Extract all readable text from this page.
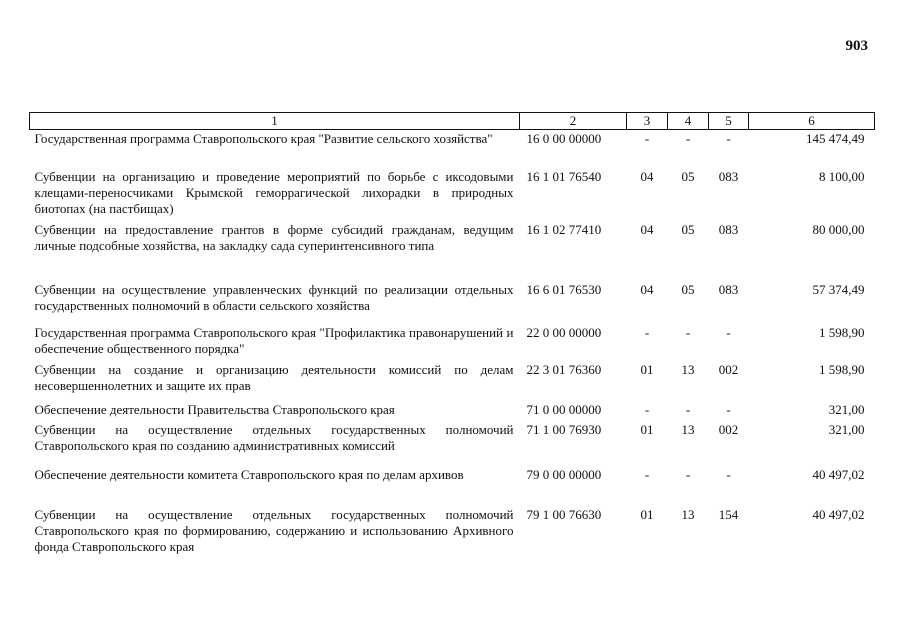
903
1	2	3	4	5	6
Государственная программа Ставропольского края "Развитие сельского хозяйства"	16 0 00 00000	-	-	-	145 474,49
Субвенции на организацию и проведение мероприятий по борьбе с иксодовыми клещами-переносчиками Крымской геморрагической лихорадки в природных биотопах (на пастбищах)	16 1 01 76540	04	05	083	8 100,00
Субвенции на предоставление грантов в форме субсидий гражданам, ведущим личные подсобные хозяйства, на закладку сада суперинтенсивного типа	16 1 02 77410	04	05	083	80 000,00
Субвенции на осуществление управленческих функций по реализации отдельных государственных полномочий в области сельского хозяйства	16 6 01 76530	04	05	083	57 374,49
Государственная программа Ставропольского края "Профилактика правонарушений и обеспечение общественного порядка"	22 0 00 00000	-	-	-	1 598,90
Субвенции на создание и организацию деятельности комиссий по делам несовершеннолетних и защите их прав	22 3 01 76360	01	13	002	1 598,90
Обеспечение деятельности Правительства Ставропольского края	71 0 00 00000	-	-	-	321,00
Субвенции на осуществление отдельных государственных полномочий Ставропольского края по созданию административных комиссий	71 1 00 76930	01	13	002	321,00
Обеспечение деятельности комитета Ставропольского края по делам архивов	79 0 00 00000	-	-	-	40 497,02
Субвенции на осуществление отдельных государственных полномочий Ставропольского края по формированию, содержанию и использованию Архивного фонда Ставропольского края	79 1 00 76630	01	13	154	40 497,02
